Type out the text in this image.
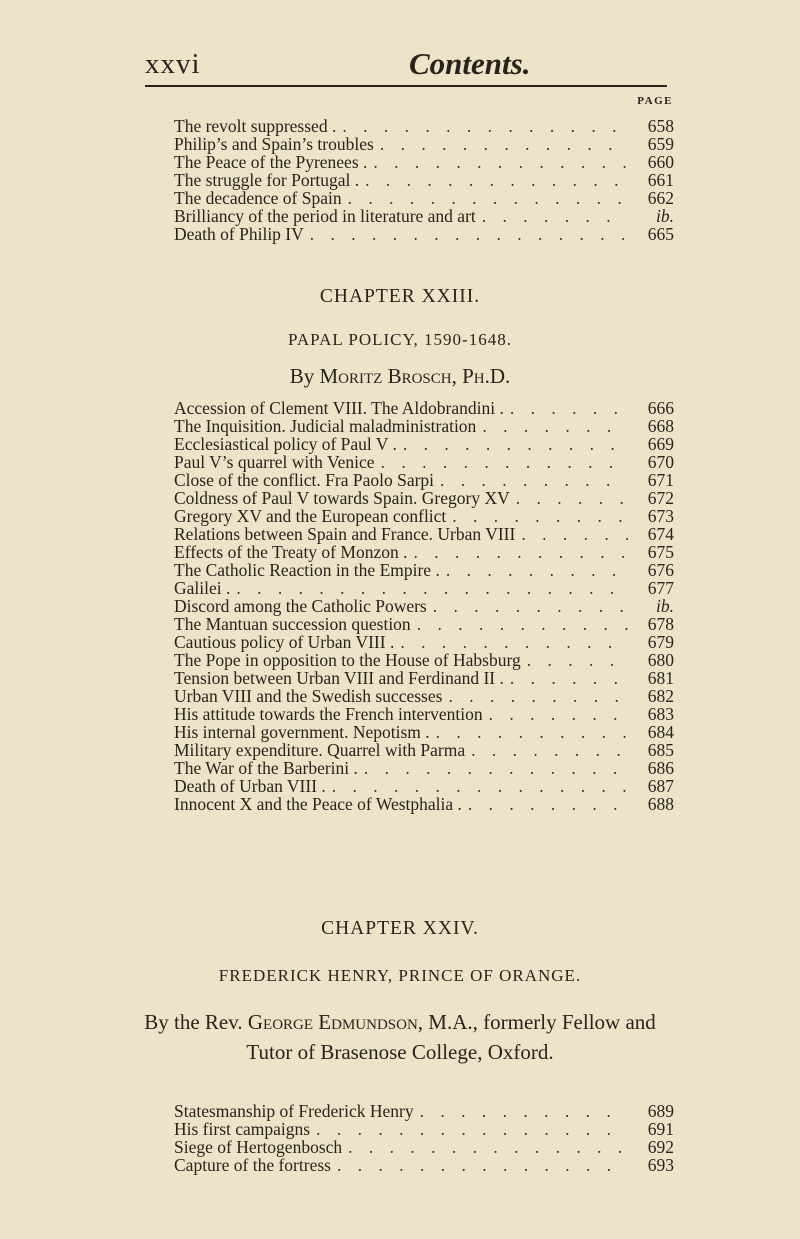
xxvi	Contents.
PAGE
The revolt suppressed . . . .	658
Philip’s and Spain’s troubles . . .	659
The Peace of the Pyrenees . . . .	660
The struggle for Portugal . . . .	661
The decadence of Spain . . .	662
Brilliancy of the period in literature and art . . .	ib.
Death of Philip IV . . .	665
CHAPTER XXIII.
PAPAL POLICY, 1590-1648.
By Moritz Brosch, Ph.D.
Accession of Clement VIII. The Aldobrandini . . . .	666
The Inquisition. Judicial maladministration . . .	668
Ecclesiastical policy of Paul V . . . .	669
Paul V’s quarrel with Venice . . .	670
Close of the conflict. Fra Paolo Sarpi . . .	671
Coldness of Paul V towards Spain. Gregory XV . . .	672
Gregory XV and the European conflict . . .	673
Relations between Spain and France. Urban VIII . . .	674
Effects of the Treaty of Monzon . . . .	675
The Catholic Reaction in the Empire . . . .	676
Galilei . . . .	677
Discord among the Catholic Powers . . .	ib.
The Mantuan succession question . . .	678
Cautious policy of Urban VIII . . . .	679
The Pope in opposition to the House of Habsburg . . .	680
Tension between Urban VIII and Ferdinand II . . . .	681
Urban VIII and the Swedish successes . . .	682
His attitude towards the French intervention . . .	683
His internal government. Nepotism . . . .	684
Military expenditure. Quarrel with Parma . . .	685
The War of the Barberini . . . .	686
Death of Urban VIII . . . .	687
Innocent X and the Peace of Westphalia . . . .	688
CHAPTER XXIV.
FREDERICK HENRY, PRINCE OF ORANGE.
By the Rev. George Edmundson, M.A., formerly Fellow and
Tutor of Brasenose College, Oxford.
Statesmanship of Frederick Henry . . .	689
His first campaigns . . .	691
Siege of Hertogenbosch . . .	692
Capture of the fortress . . .	693
